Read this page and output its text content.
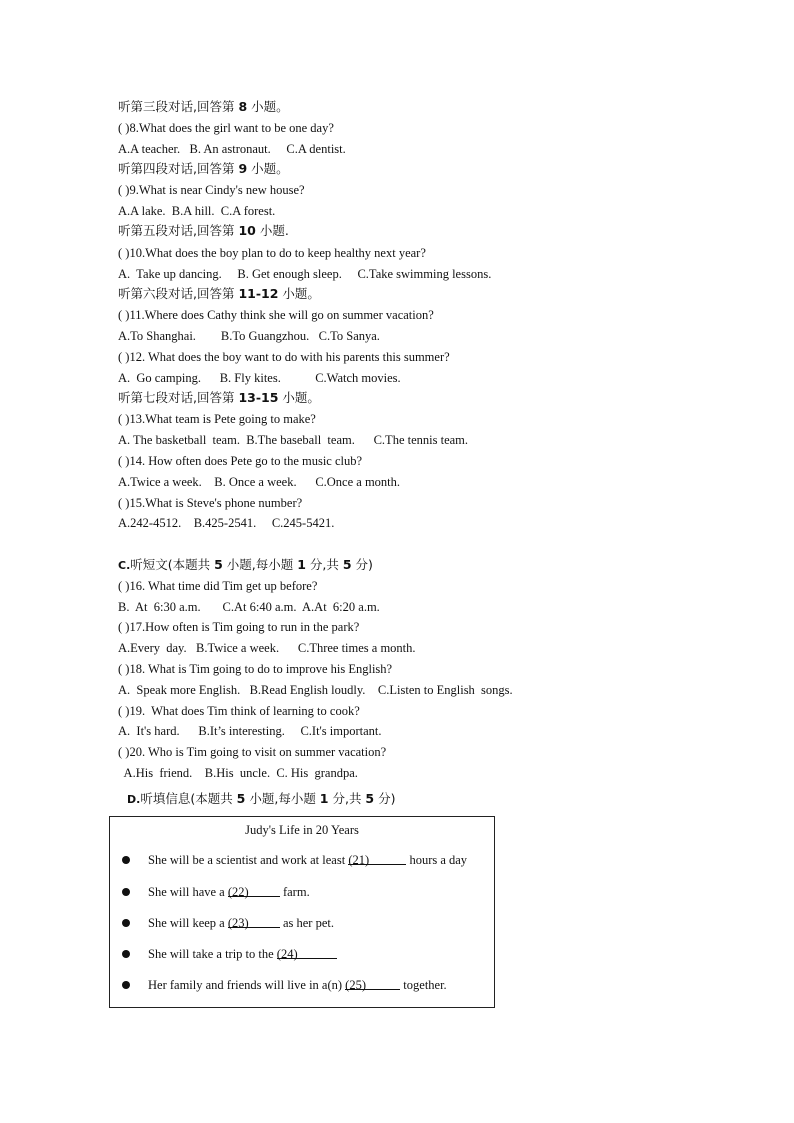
听第三段对话,回答第 8 小题。
( )8.What does the girl want to be one day?
A.A teacher.   B. An astronaut.     C.A dentist.
听第四段对话,回答第 9 小题。
( )9.What is near Cindy's new house?
A.A lake.  B.A hill.  C.A forest.
听第五段对话,回答第 10 小题.
( )10.What does the boy plan to do to keep healthy next year?
A.  Take up dancing.     B. Get enough sleep.     C.Take swimming lessons.
听第六段对话,回答第 11-12 小题。
( )11.Where does Cathy think she will go on summer vacation?
A.To Shanghai.        B.To Guangzhou.   C.To Sanya.
( )12. What does the boy want to do with his parents this summer?
A.  Go camping.      B. Fly kites.           C.Watch movies.
听第七段对话,回答第 13-15 小题。
( )13.What team is Pete going to make?
A. The basketball  team.  B.The baseball  team.      C.The tennis team.
( )14. How often does Pete go to the music club?
A.Twice a week.    B. Once a week.      C.Once a month.
( )15.What is Steve's phone number?
A.242-4512.    B.425-2541.     C.245-5421.
C.听短文(本题共 5 小题,每小题 1 分,共 5 分)
( )16. What time did Tim get up before?
B.  At  6:30 a.m.       C.At 6:40 a.m.  A.At  6:20 a.m.
( )17.How often is Tim going to run in the park?
A.Every  day.   B.Twice a week.      C.Three times a month.
( )18. What is Tim going to do to improve his English?
A.  Speak more English.   B.Read English loudly.    C.Listen to English  songs.
( )19.  What does Tim think of learning to cook?
A.  It's hard.      B.It’s interesting.     C.It's important.
( )20. Who is Tim going to visit on summer vacation?
A.His  friend.    B.His  uncle.  C. His  grandpa.
D.听填信息(本题共 5 小题,每小题 1 分,共 5 分)
Judy's Life in 20 Years
She will be a scientist and work at least (21)	hours a day
She will have a (22) farm.
She will keep a (23) as her pet.
She will take a trip to the (24)
Her family and friends will live in a(n) (25)	together.
